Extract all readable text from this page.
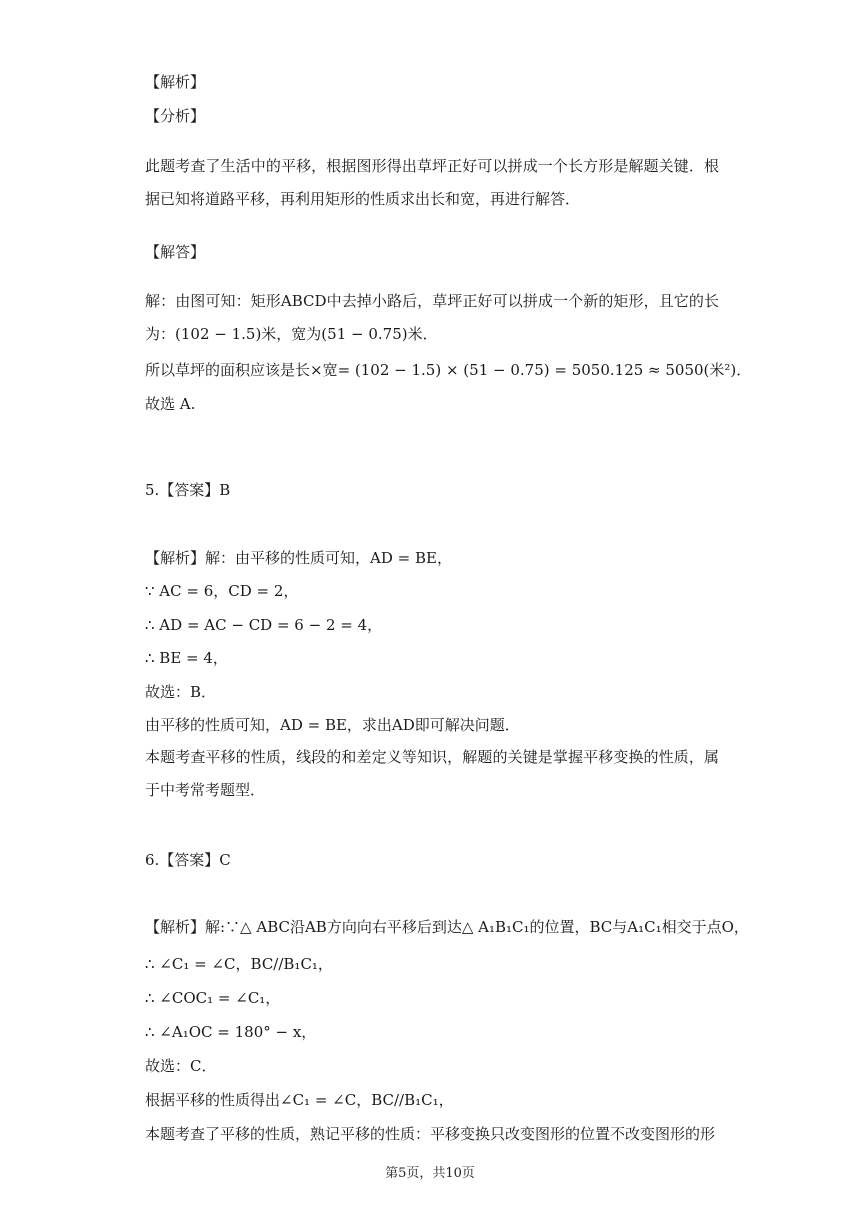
【解析】
【分析】
此题考查了生活中的平移，根据图形得出草坪正好可以拼成一个长方形是解题关键．根据已知将道路平移，再利用矩形的性质求出长和宽，再进行解答．
【解答】
解：由图可知：矩形ABCD中去掉小路后，草坪正好可以拼成一个新的矩形，且它的长为：(102 − 1.5)米，宽为(51 − 0.75)米．
所以草坪的面积应该是长×宽= (102 − 1.5) × (51 − 0.75) = 5050.125 ≈ 5050(米²)．
故选 A.
5.【答案】B
【解析】解：由平移的性质可知，AD = BE，
∵ AC = 6，CD = 2，
∴ AD = AC − CD = 6 − 2 = 4，
∴ BE = 4，
故选：B．
由平移的性质可知，AD = BE，求出AD即可解决问题．
本题考查平移的性质，线段的和差定义等知识，解题的关键是掌握平移变换的性质，属于中考常考题型．
6.【答案】C
【解析】解:∵△ ABC沿AB方向向右平移后到达△ A₁B₁C₁的位置，BC与A₁C₁相交于点O，
∴ ∠C₁ = ∠C，BC//B₁C₁，
∴ ∠COC₁ = ∠C₁，
∴ ∠A₁OC = 180° − x，
故选：C．
根据平移的性质得出∠C₁ = ∠C，BC//B₁C₁，
本题考查了平移的性质，熟记平移的性质：平移变换只改变图形的位置不改变图形的形
第5页，共10页
